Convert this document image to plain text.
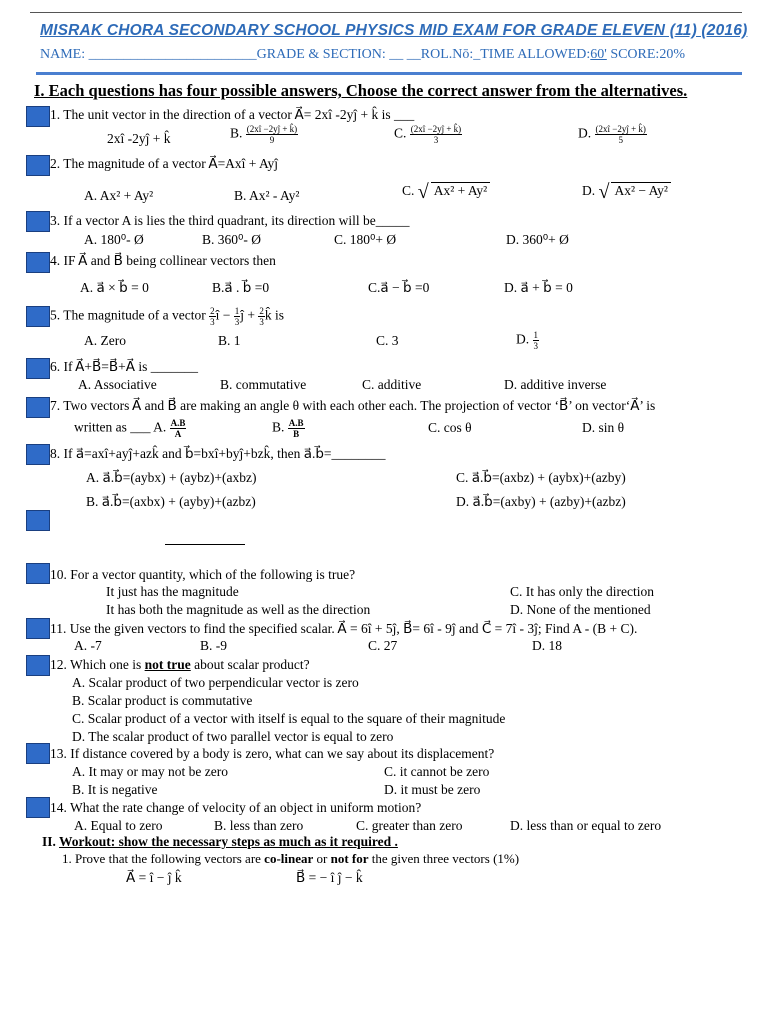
MISRAK CHORA SECONDARY SCHOOL PHYSICS MID EXAM FOR GRADE ELEVEN (11) (2016)
NAME: ________________________GRADE & SECTION: __ __ROL.Nō:_TIME ALLOWED:60' SCORE:20%
I. Each questions has four possible answers, Choose the correct answer from the alternatives.
1. The unit vector in the direction of a vector A⃗= 2xî -2yĵ + k̂ is ___
2xî -2yĵ + k̂	B. $\frac{(2xî -2yĵ + k̂)}{9}$	C. $\frac{(2xî -2yĵ + k̂)}{3}$	D. $\frac{(2xî -2yĵ + k̂)}{5}$
2. The magnitude of a vector A⃗=Axî + Ayĵ
A. Ax² + Ay²	B. Ax² - Ay²	C. √ Ax² + Ay²	D. √ Ax² − Ay²
3. If a vector A is lies the third quadrant, its direction will be_____
A. 180⁰- Ø	B. 360⁰- Ø	C. 180⁰+ Ø	D. 360⁰+ Ø
4. IF A⃗ and B⃗ being collinear vectors then
A. a⃗ × b⃗ = 0	B.a⃗ . b⃗ =0	C.a⃗ − b⃗ =0	D. a⃗ + b⃗ = 0
5. The magnitude of a vector $\frac{2}{3}$ î − $\frac{1}{3}$ ĵ + $\frac{2}{3}$ k̂ is
A. Zero	B. 1	C. 3	D. $\frac{1}{3}$
6. If A⃗+B⃗=B⃗+A⃗ is _______
A. Associative	B. commutative	C. additive	D. additive inverse
7. Two vectors A⃗ and B⃗ are making an angle θ with each other each. The projection of vector ‘B⃗’ on vector‘A⃗’ is
written as ___ A. $\frac{A.B}{A}$	B. $\frac{A.B}{B}$	C. cos θ	D. sin θ
8. If a⃗=axî+ayĵ+azk̂ and b⃗=bxî+byĵ+bzk̂, then a⃗.b⃗=________
A. a⃗.b⃗=(aybx) + (aybz)+(axbz)
B. a⃗.b⃗=(axbx) + (ayby)+(azbz)
C. a⃗.b⃗=(axbz) + (aybx)+(azby)
D. a⃗.b⃗=(axby) + (azby)+(azbz)
10. For a vector quantity, which of the following is true?
It just has the magnitude
It has both the magnitude as well as the direction
C. It has only the direction
D. None of the mentioned
11. Use the given vectors to find the specified scalar. A⃗ = 6î + 5ĵ, B⃗= 6î - 9ĵ and C⃗ = 7î - 3ĵ; Find A - (B + C).
A. -7	B. -9	C. 27	D. 18
12. Which one is not true about scalar product?
A. Scalar product of two perpendicular vector is zero
B. Scalar product is commutative
C. Scalar product of a vector with itself is equal to the square of their magnitude
D. The scalar product of two parallel vector is equal to zero
13. If distance covered by a body is zero, what can we say about its displacement?
A. It may or may not be zero
B. It is negative
C. it cannot be zero
D. it must be zero
14. What the rate change of velocity of an object in uniform motion?
A. Equal to zero	B. less than zero	C. greater than zero	D. less than or equal to zero
II. Workout: show the necessary steps as much as it required .
1. Prove that the following vectors are co-linear or not for the given three vectors (1%)
A⃗ = î − ĵ k̂	B⃗ = − î ĵ − k̂
